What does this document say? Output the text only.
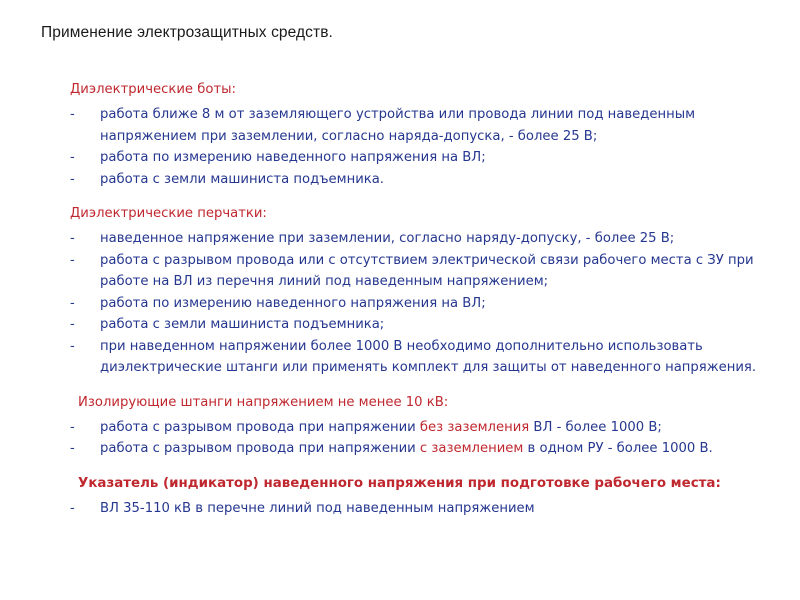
Применение электрозащитных средств.
Диэлектрические боты:
- работа ближе 8 м от заземляющего устройства или провода линии под наведенным напряжением при заземлении, согласно наряда-допуска, - более 25 В;
- работа по измерению наведенного напряжения на ВЛ;
- работа с земли машиниста подъемника.
Диэлектрические перчатки:
- наведенное напряжение при заземлении, согласно наряду-допуску, - более 25 В;
- работа с разрывом провода или с отсутствием электрической связи рабочего места с ЗУ при работе на ВЛ из перечня линий под наведенным напряжением;
- работа по измерению наведенного напряжения на ВЛ;
- работа с земли машиниста подъемника;
- при наведенном напряжении более 1000 В необходимо дополнительно использовать диэлектрические штанги или применять комплект для защиты от наведенного напряжения.
Изолирующие штанги напряжением не менее 10 кВ:
- работа с разрывом провода при напряжении без заземления ВЛ - более 1000 В;
- работа с разрывом провода при напряжении с заземлением в одном РУ - более 1000 В.
Указатель (индикатор) наведенного напряжения при подготовке рабочего места:
- ВЛ 35-110 кВ в перечне линий под наведенным напряжением
